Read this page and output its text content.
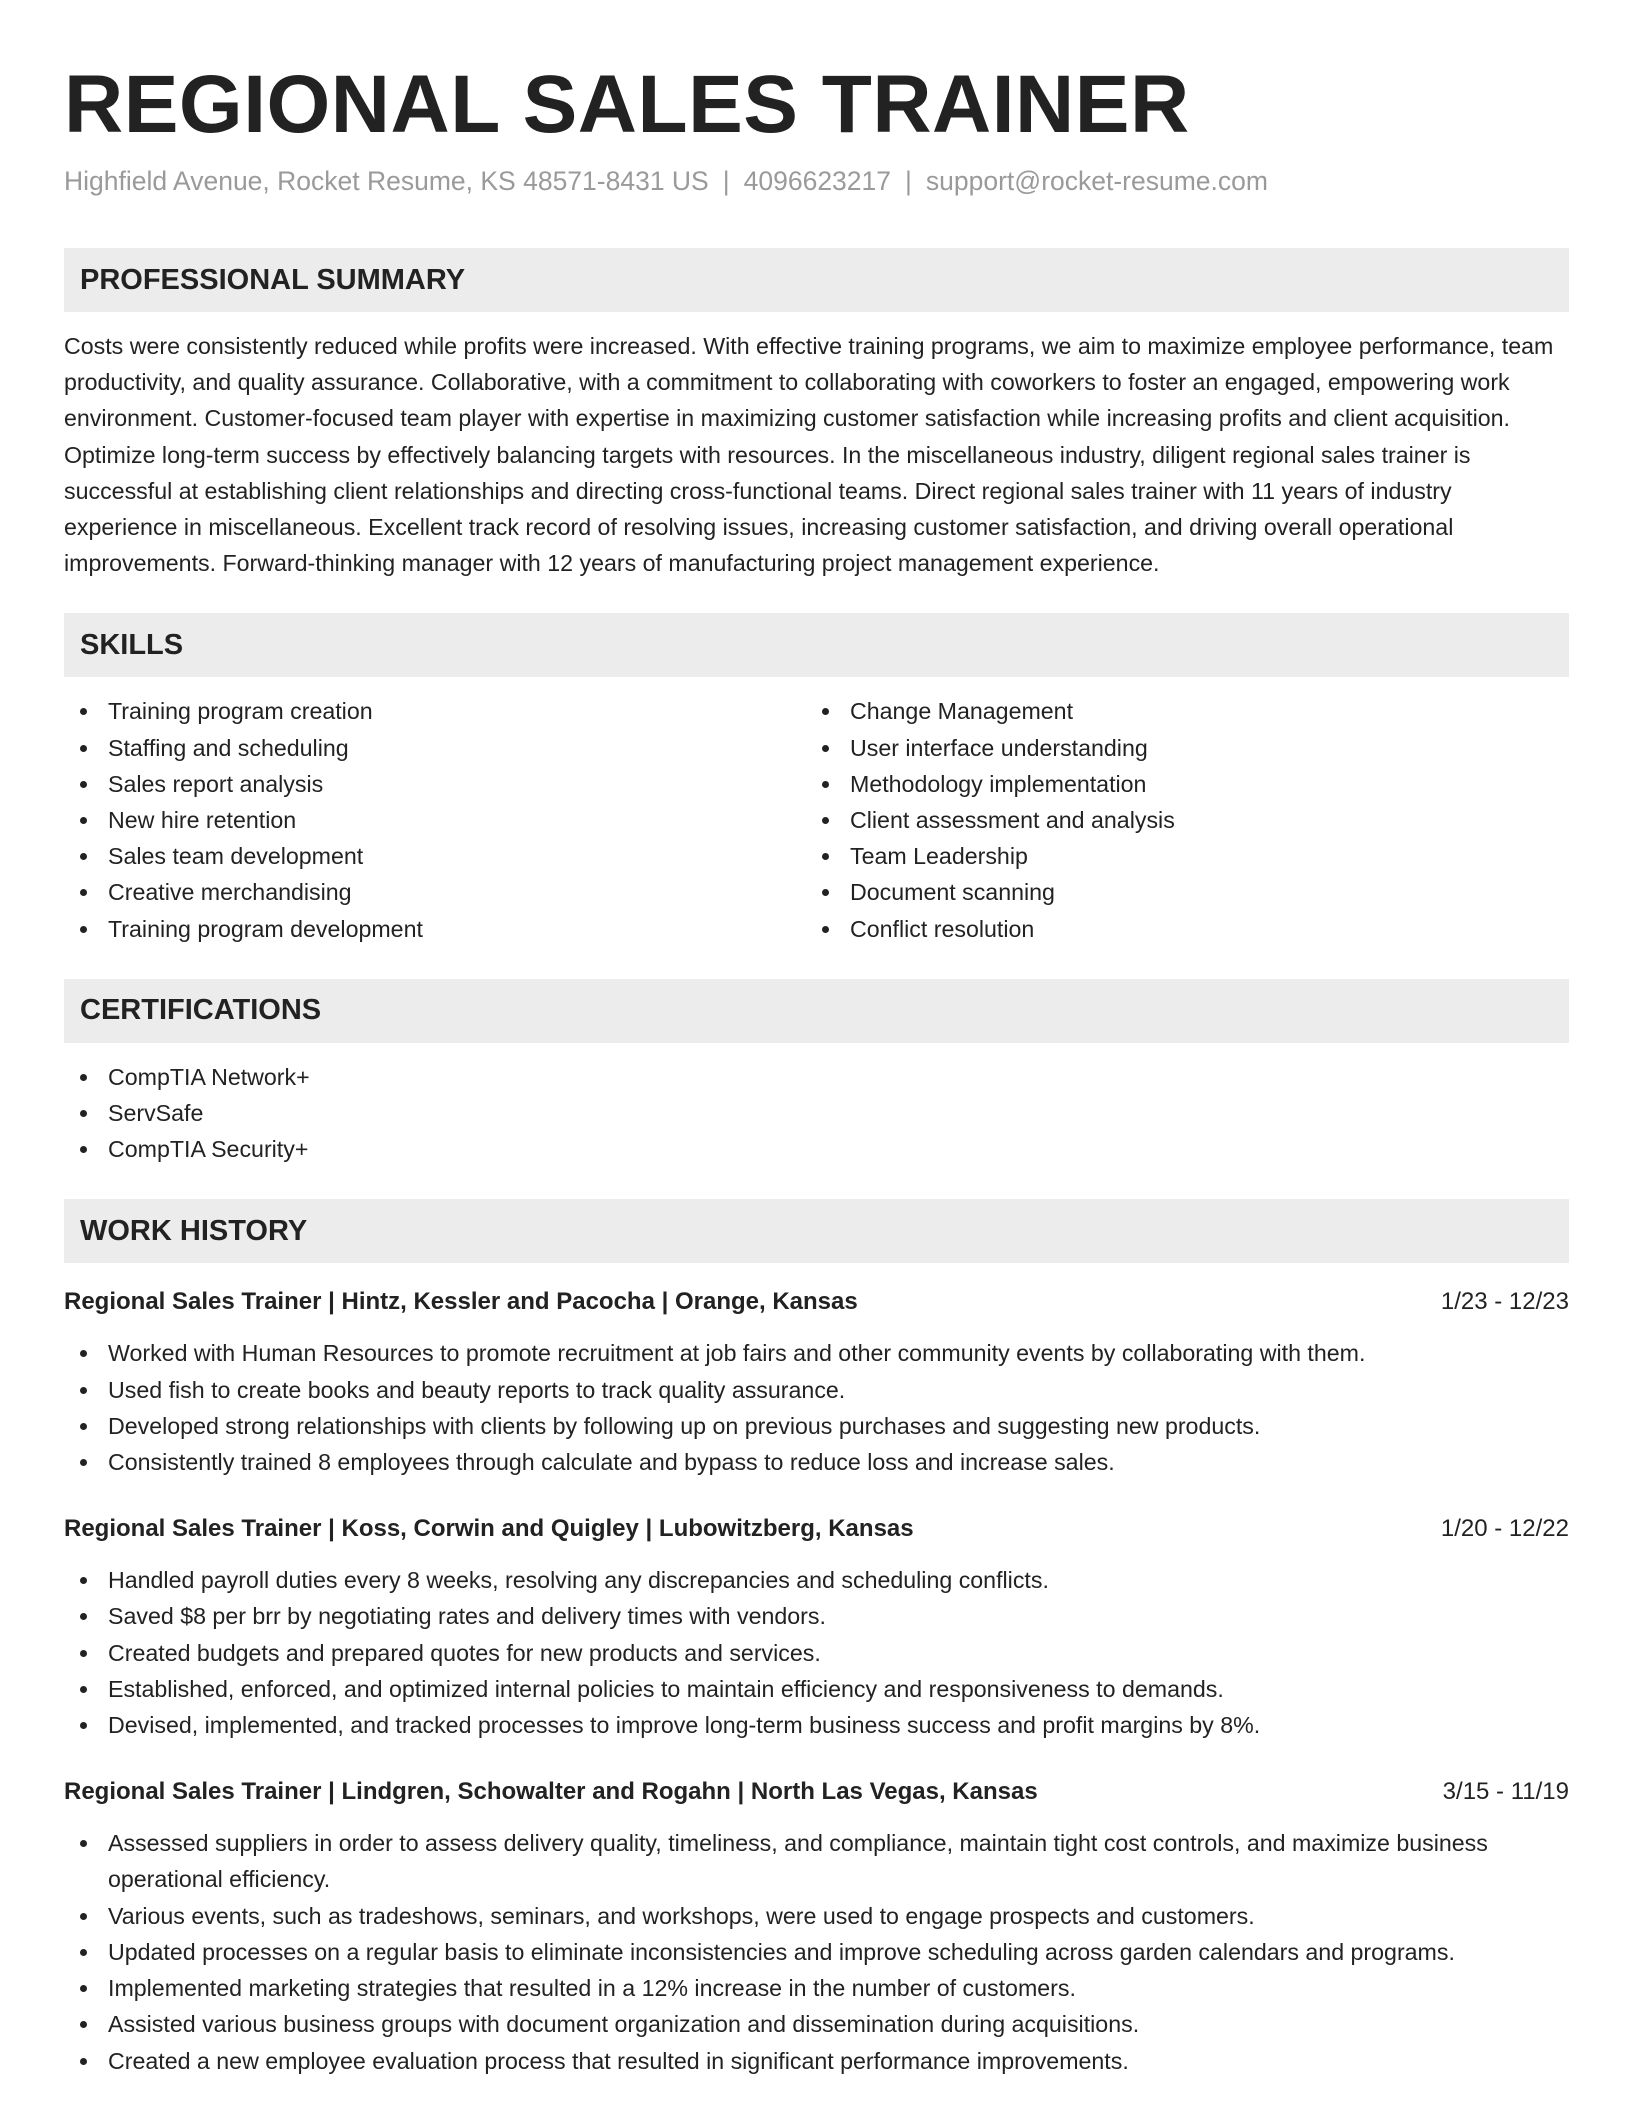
REGIONAL SALES TRAINER
Highfield Avenue, Rocket Resume, KS 48571-8431 US | 4096623217 | support@rocket-resume.com
PROFESSIONAL SUMMARY

Costs were consistently reduced while profits were increased. With effective training programs, we aim to maximize employee performance, team productivity, and quality assurance. Collaborative, with a commitment to collaborating with coworkers to foster an engaged, empowering work environment. Customer-focused team player with expertise in maximizing customer satisfaction while increasing profits and client acquisition. Optimize long-term success by effectively balancing targets with resources. In the miscellaneous industry, diligent regional sales trainer is successful at establishing client relationships and directing cross-functional teams. Direct regional sales trainer with 11 years of industry experience in miscellaneous. Excellent track record of resolving issues, increasing customer satisfaction, and driving overall operational improvements. Forward-thinking manager with 12 years of manufacturing project management experience.

SKILLS
Training program creation
Staffing and scheduling
Sales report analysis
New hire retention
Sales team development
Creative merchandising
Training program development
Change Management
User interface understanding
Methodology implementation
Client assessment and analysis
Team Leadership
Document scanning
Conflict resolution
CERTIFICATIONS
CompTIA Network+
ServSafe
CompTIA Security+
WORK HISTORY
Regional Sales Trainer | Hintz, Kessler and Pacocha | Orange, Kansas	1/23 - 12/23
Worked with Human Resources to promote recruitment at job fairs and other community events by collaborating with them.
Used fish to create books and beauty reports to track quality assurance.
Developed strong relationships with clients by following up on previous purchases and suggesting new products.
Consistently trained 8 employees through calculate and bypass to reduce loss and increase sales.
Regional Sales Trainer | Koss, Corwin and Quigley | Lubowitzberg, Kansas	1/20 - 12/22
Handled payroll duties every 8 weeks, resolving any discrepancies and scheduling conflicts.
Saved $8 per brr by negotiating rates and delivery times with vendors.
Created budgets and prepared quotes for new products and services.
Established, enforced, and optimized internal policies to maintain efficiency and responsiveness to demands.
Devised, implemented, and tracked processes to improve long-term business success and profit margins by 8%.
Regional Sales Trainer | Lindgren, Schowalter and Rogahn | North Las Vegas, Kansas	3/15 - 11/19
Assessed suppliers in order to assess delivery quality, timeliness, and compliance, maintain tight cost controls, and maximize business operational efficiency.
Various events, such as tradeshows, seminars, and workshops, were used to engage prospects and customers.
Updated processes on a regular basis to eliminate inconsistencies and improve scheduling across garden calendars and programs.
Implemented marketing strategies that resulted in a 12% increase in the number of customers.
Assisted various business groups with document organization and dissemination during acquisitions.
Created a new employee evaluation process that resulted in significant performance improvements.
